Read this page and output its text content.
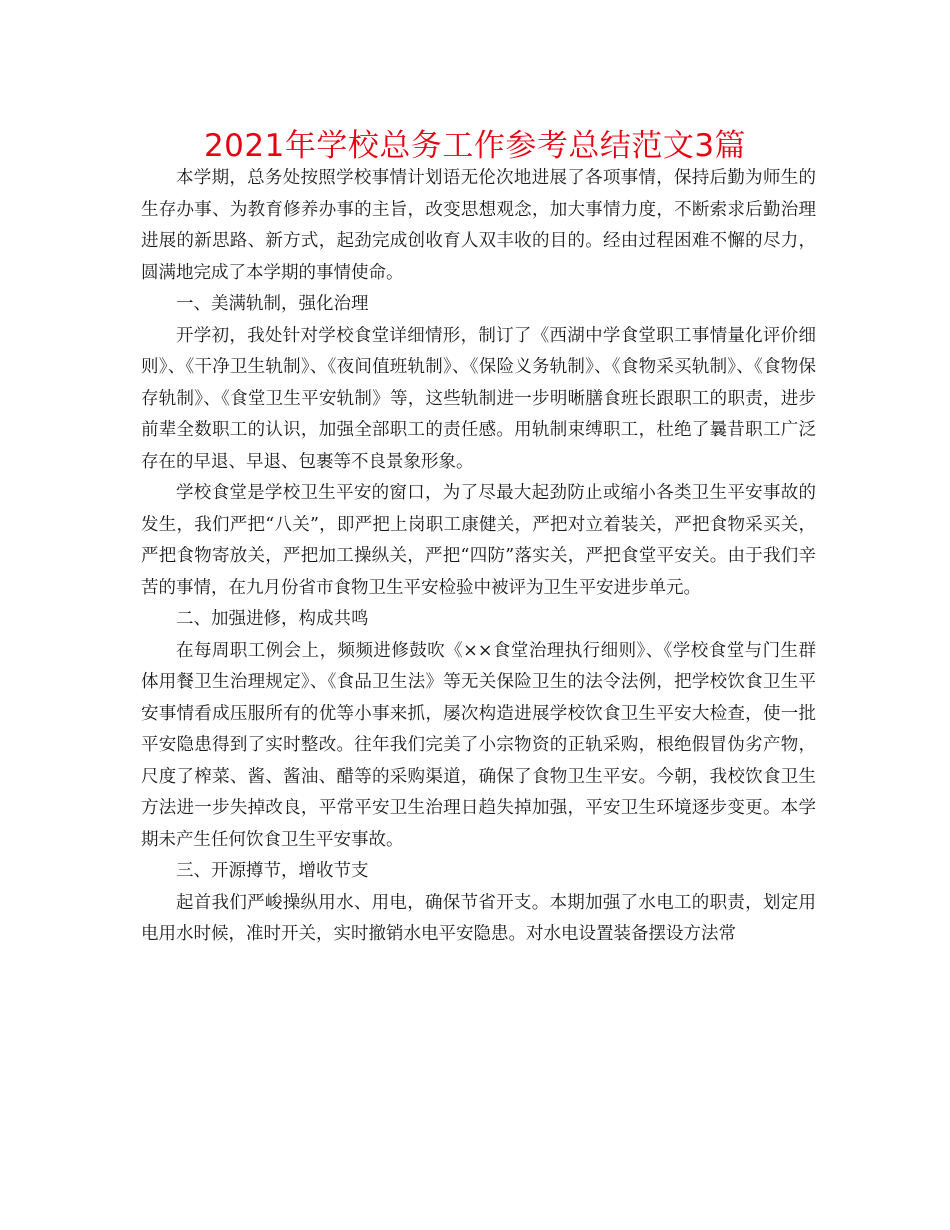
2021年学校总务工作参考总结范文3篇

本学期，总务处按照学校事情计划语无伦次地进展了各项事情，保持后勤为师生的生存办事、为教育修养办事的主旨，改变思想观念，加大事情力度，不断索求后勤治理进展的新思路、新方式，起劲完成创收育人双丰收的目的。经由过程困难不懈的尽力，圆满地完成了本学期的事情使命。

一、美满轨制，强化治理

开学初，我处针对学校食堂详细情形，制订了《西湖中学食堂职工事情量化评价细则》、《干净卫生轨制》、《夜间值班轨制》、《保险义务轨制》、《食物采买轨制》、《食物保存轨制》、《食堂卫生平安轨制》等，这些轨制进一步明晰膳食班长跟职工的职责，进步前辈全数职工的认识，加强全部职工的责任感。用轨制束缚职工，杜绝了曩昔职工广泛存在的早退、早退、包裹等不良景象形象。

学校食堂是学校卫生平安的窗口，为了尽最大起劲防止或缩小各类卫生平安事故的发生，我们严把“八关”，即严把上岗职工康健关，严把对立着装关，严把食物采买关，严把食物寄放关，严把加工操纵关，严把“四防”落实关，严把食堂平安关。由于我们辛苦的事情，在九月份省市食物卫生平安检验中被评为卫生平安进步单元。

二、加强进修，构成共鸣

在每周职工例会上，频频进修鼓吹《××食堂治理执行细则》、《学校食堂与门生群体用餐卫生治理规定》、《食品卫生法》等无关保险卫生的法令法例，把学校饮食卫生平安事情看成压服所有的优等小事来抓，屡次构造进展学校饮食卫生平安大检查，使一批平安隐患得到了实时整改。往年我们完美了小宗物资的正轨采购，根绝假冒伪劣产物，尺度了榨菜、酱、酱油、醋等的采购渠道，确保了食物卫生平安。今朝，我校饮食卫生方法进一步失掉改良，平常平安卫生治理日趋失掉加强，平安卫生环境逐步变更。本学期未产生任何饮食卫生平安事故。

三、开源撙节，增收节支

起首我们严峻操纵用水、用电，确保节省开支。本期加强了水电工的职责，划定用电用水时候，准时开关，实时撤销水电平安隐患。对水电设置装备摆设方法常
